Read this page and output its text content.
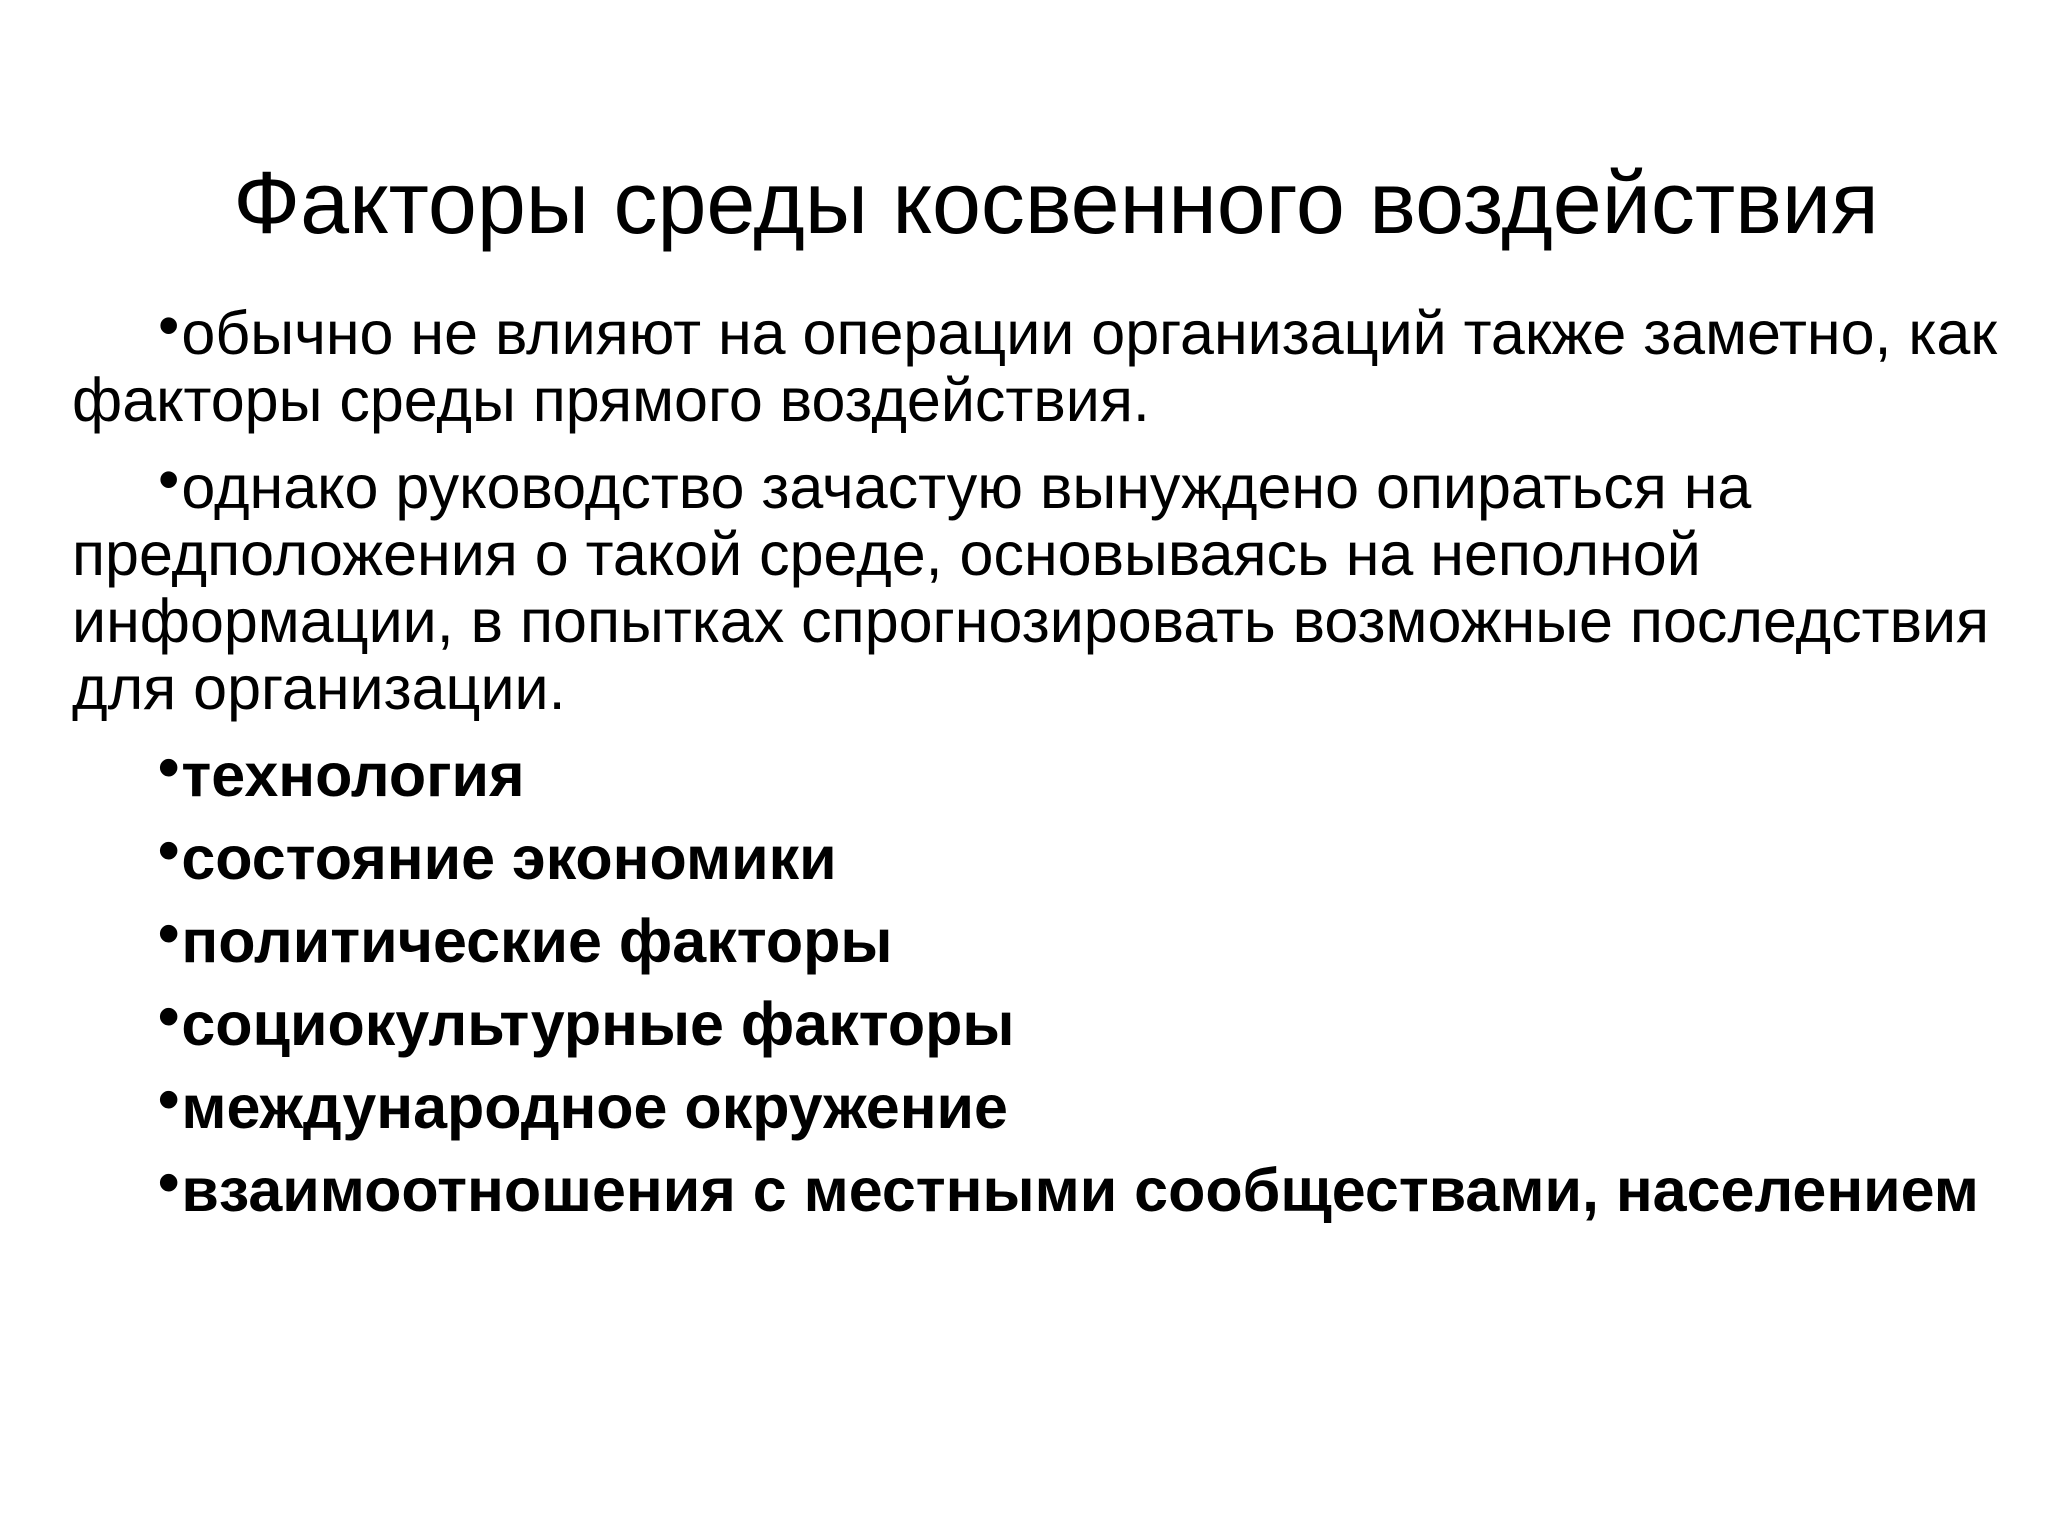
Факторы среды косвенного воздействия

•обычно не влияют на операции организаций также заметно, как факторы среды прямого воздействия.

•однако руководство зачастую вынуждено опираться на предположения о такой среде, основываясь на неполной информации, в попытках спрогнозировать возможные последствия для организации.

•технология

•состояние экономики

•политические факторы

•социокультурные факторы

•международное окружение

•взаимоотношения с местными сообществами, населением
